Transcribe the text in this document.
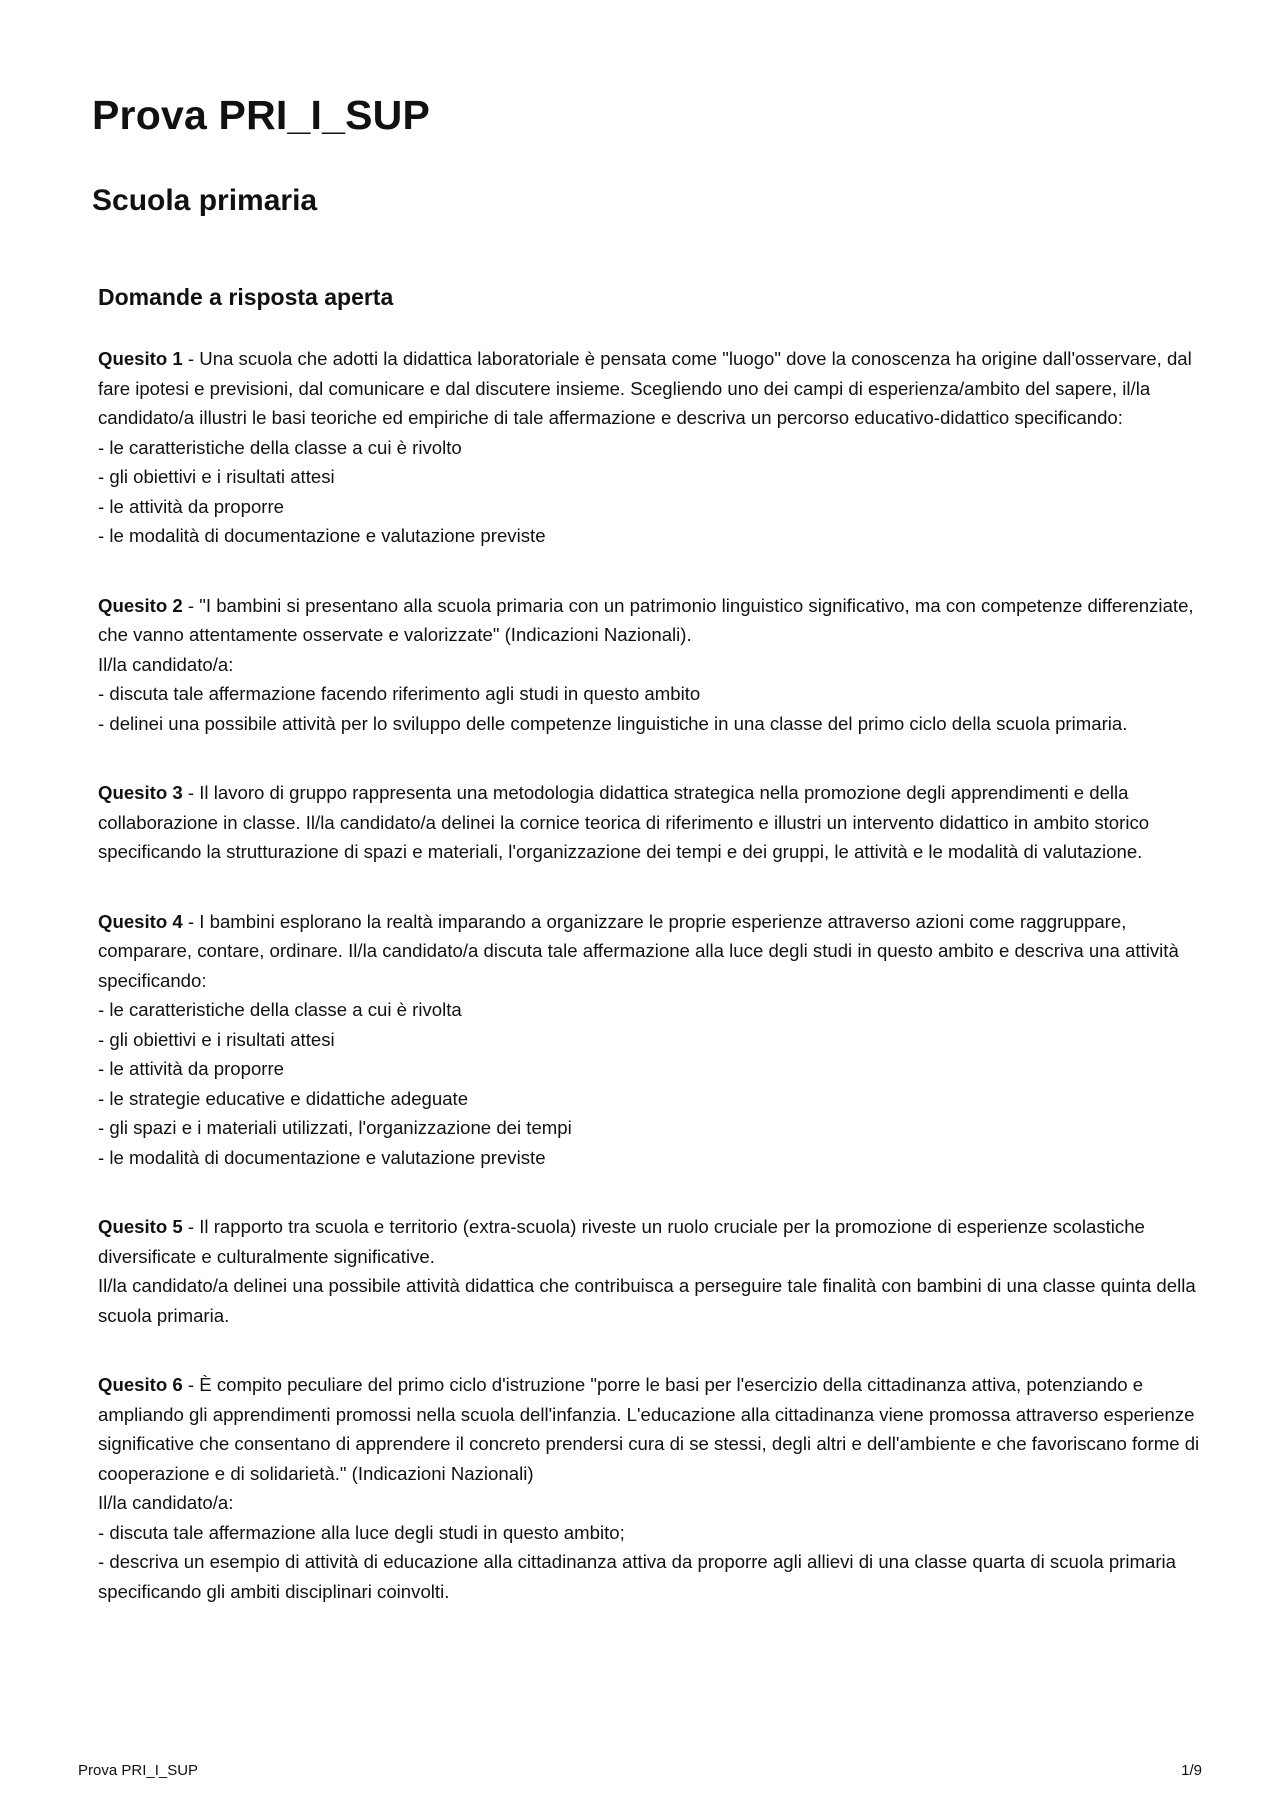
Prova PRI_I_SUP
Scuola primaria
Domande a risposta aperta

Quesito 1 - Una scuola che adotti la didattica laboratoriale è pensata come "luogo" dove la conoscenza ha origine dall'osservare, dal fare ipotesi e previsioni, dal comunicare e dal discutere insieme. Scegliendo uno dei campi di esperienza/ambito del sapere, il/la candidato/a illustri le basi teoriche ed empiriche di tale affermazione e descriva un percorso educativo-didattico specificando:

- le caratteristiche della classe a cui è rivolto
- gli obiettivi e i risultati attesi
- le attività da proporre
- le modalità di documentazione e valutazione previste

Quesito 2 - "I bambini si presentano alla scuola primaria con un patrimonio linguistico significativo, ma con competenze differenziate, che vanno attentamente osservate e valorizzate" (Indicazioni Nazionali).

Il/la candidato/a:

- discuta tale affermazione facendo riferimento agli studi in questo ambito
- delinei una possibile attività per lo sviluppo delle competenze linguistiche in una classe del primo ciclo della scuola primaria.

Quesito 3 - Il lavoro di gruppo rappresenta una metodologia didattica strategica nella promozione degli apprendimenti e della collaborazione in classe. Il/la candidato/a delinei la cornice teorica di riferimento e illustri un intervento didattico in ambito storico specificando la strutturazione di spazi e materiali, l'organizzazione dei tempi e dei gruppi, le attività e le modalità di valutazione.

Quesito 4 - I bambini esplorano la realtà imparando a organizzare le proprie esperienze attraverso azioni come raggruppare, comparare, contare, ordinare. Il/la candidato/a discuta tale affermazione alla luce degli studi in questo ambito e descriva una attività specificando:

- le caratteristiche della classe a cui è rivolta
- gli obiettivi e i risultati attesi
- le attività da proporre
- le strategie educative e didattiche adeguate
- gli spazi e i materiali utilizzati, l'organizzazione dei tempi
- le modalità di documentazione e valutazione previste

Quesito 5 - Il rapporto tra scuola e territorio (extra-scuola) riveste un ruolo cruciale per la promozione di esperienze scolastiche diversificate e culturalmente significative.

Il/la candidato/a delinei una possibile attività didattica che contribuisca a perseguire tale finalità con bambini di una classe quinta della scuola primaria.

Quesito 6 - È compito peculiare del primo ciclo d'istruzione "porre le basi per l'esercizio della cittadinanza attiva, potenziando e ampliando gli apprendimenti promossi nella scuola dell'infanzia. L'educazione alla cittadinanza viene promossa attraverso esperienze significative che consentano di apprendere il concreto prendersi cura di se stessi, degli altri e dell'ambiente e che favoriscano forme di cooperazione e di solidarietà." (Indicazioni Nazionali)

Il/la candidato/a:

- discuta tale affermazione alla luce degli studi in questo ambito;
- descriva un esempio di attività di educazione alla cittadinanza attiva da proporre agli allievi di una classe quarta di scuola primaria specificando gli ambiti disciplinari coinvolti.
Prova PRI_I_SUP	1/9
